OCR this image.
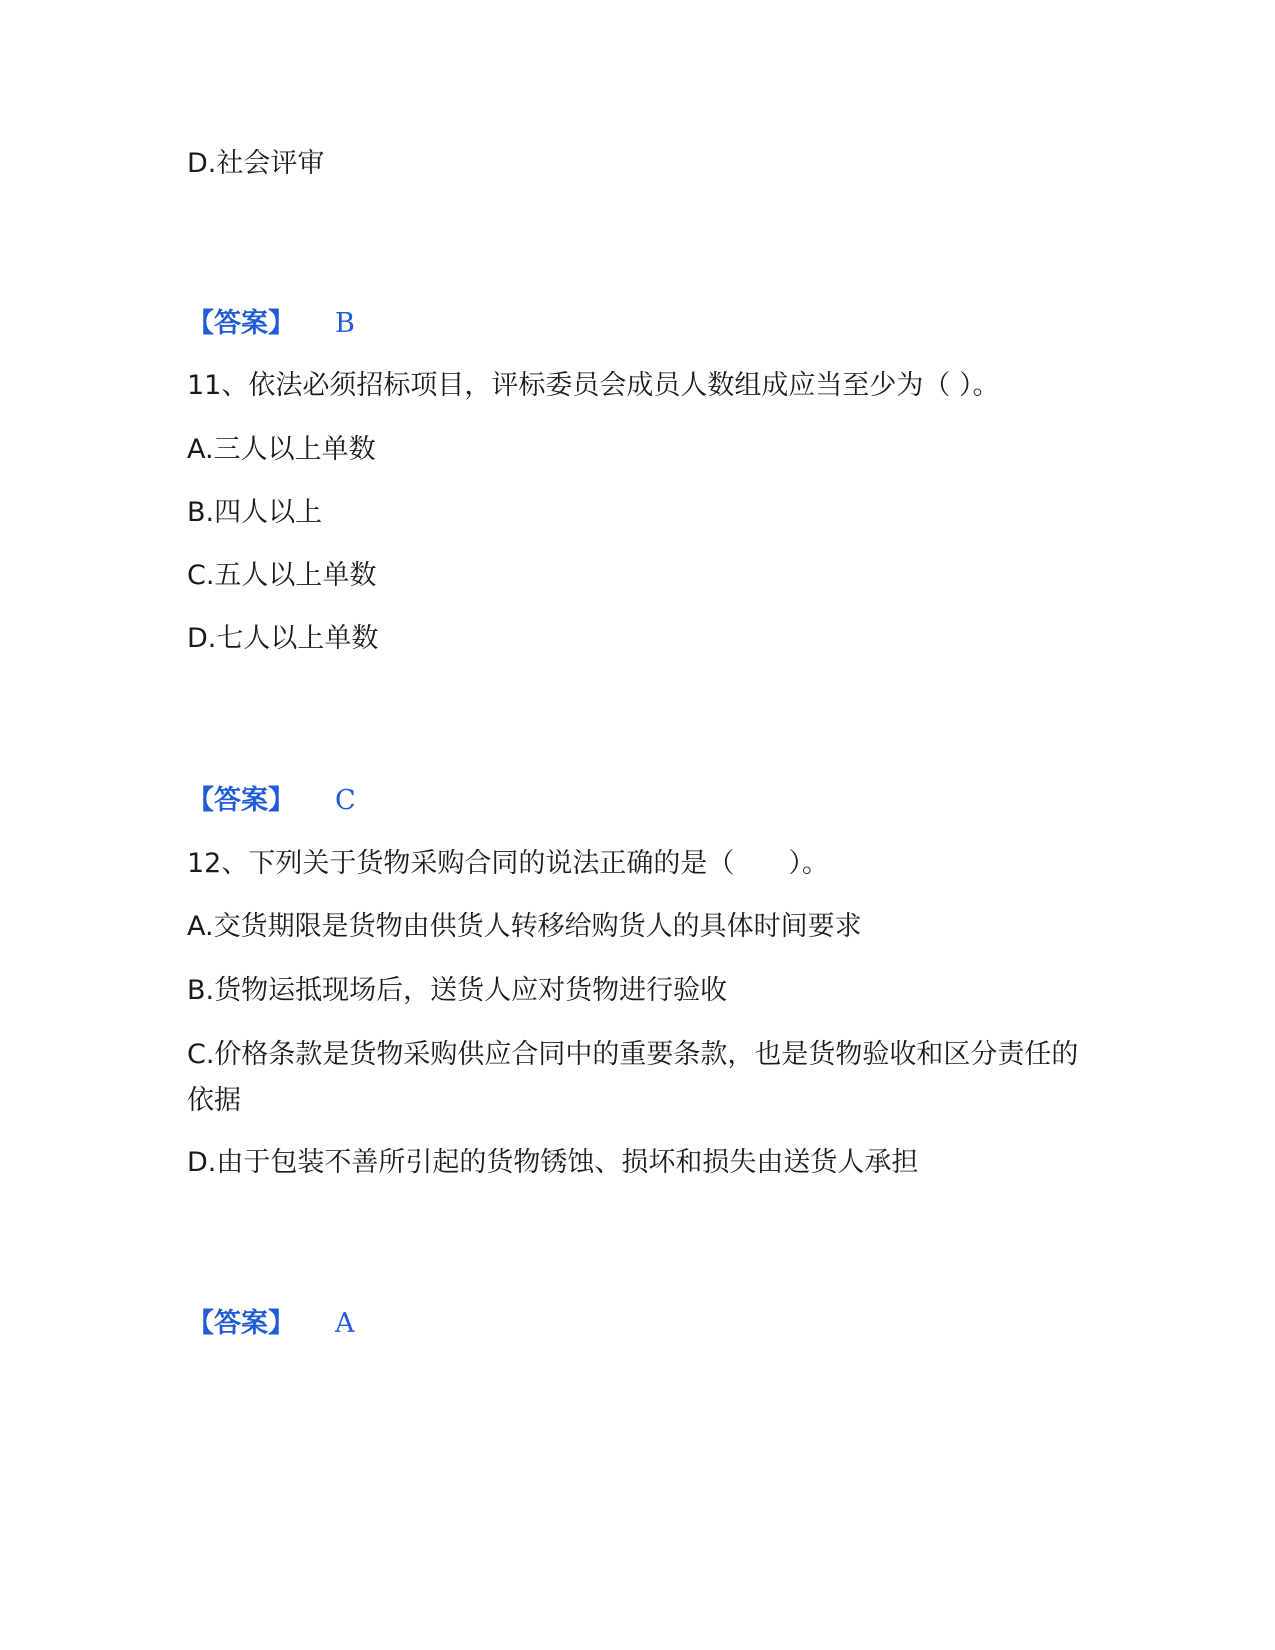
D.社会评审
【答案】 B
11、依法必须招标项目，评标委员会成员人数组成应当至少为（ ）。
A.三人以上单数
B.四人以上
C.五人以上单数
D.七人以上单数
【答案】 C
12、下列关于货物采购合同的说法正确的是（　　）。
A.交货期限是货物由供货人转移给购货人的具体时间要求
B.货物运抵现场后，送货人应对货物进行验收
C.价格条款是货物采购供应合同中的重要条款，也是货物验收和区分责任的依据
D.由于包装不善所引起的货物锈蚀、损坏和损失由送货人承担
【答案】 A
